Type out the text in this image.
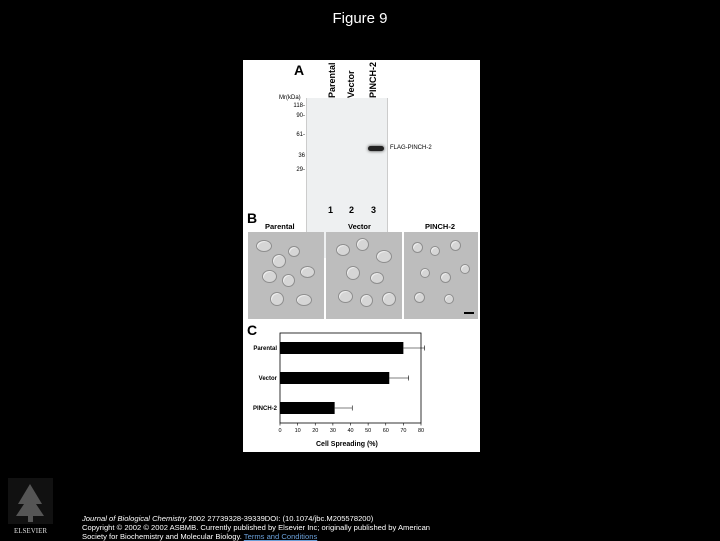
Figure 9
A	Parental Vector PINCH-2
Mr(kDa)
118-
90-
61-
36
29-
FLAG-PINCH-2
1 2 3
B
Parental	Vector	PINCH-2
C
Parental
Vector
PINCH-2
0 10 20 30 40 50 60 70 80
Cell Spreading (%)
ELSEVIER
Journal of Biological Chemistry 2002 27739328-39339DOI: (10.1074/jbc.M205578200)
Copyright © 2002 © 2002 ASBMB. Currently published by Elsevier Inc; originally published by American
Society for Biochemistry and Molecular Biology. Terms and Conditions
